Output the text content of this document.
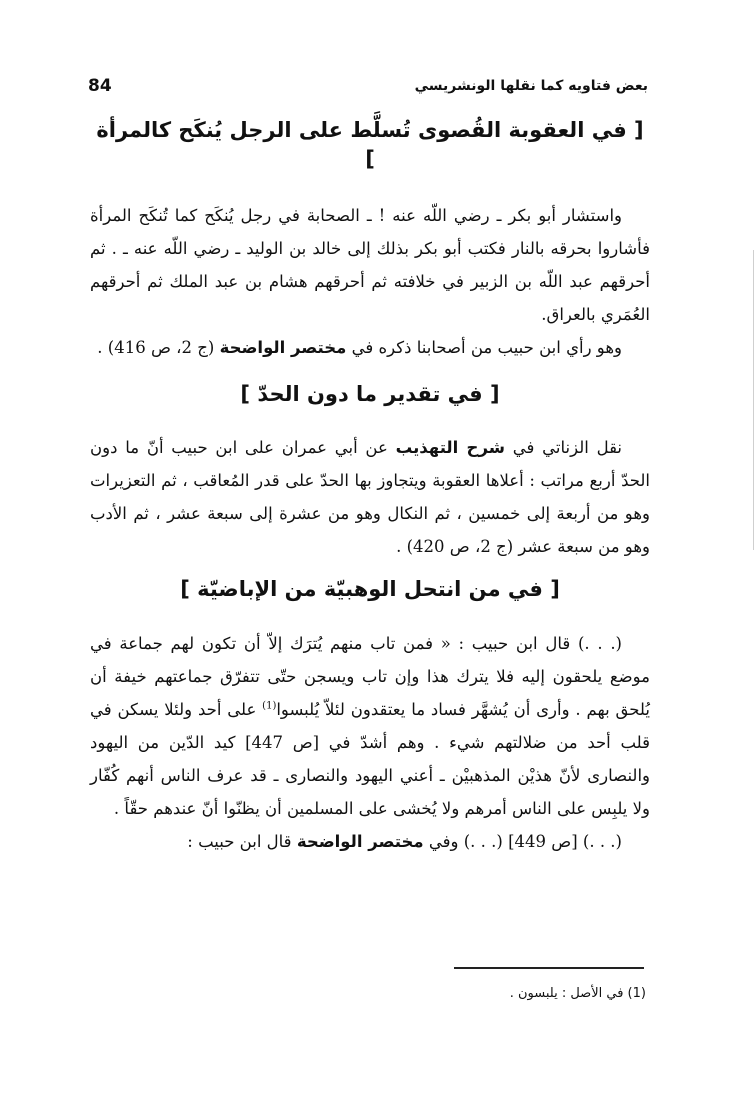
بعض فتاويه كما نقلها الونشريسي
84
[ في العقوبة القُصوى تُسلَّط على الرجل يُنكَح كالمرأة ]

واستشار أبو بكر ـ رضي اللّه عنه ! ـ الصحابة في رجل يُنكَح كما تُنكَح المرأة فأشاروا بحرقه بالنار فكتب أبو بكر بذلك إلى خالد بن الوليد ـ رضي اللّه عنه ـ . ثم أحرقهم عبد اللّه بن الزبير في خلافته ثم أحرقهم هشام بن عبد الملك ثم أحرقهم العُمَري بالعراق.

وهو رأي ابن حبيب من أصحابنا ذكره في مختصر الواضحة (ج 2، ص 416) .

[ في تقدير ما دون الحدّ ]

نقل الزناتي في شرح التهذيب عن أبي عمران على ابن حبيب أنّ ما دون الحدّ أربع مراتب : أعلاها العقوبة ويتجاوز بها الحدّ على قدر المُعاقب ، ثم التعزيرات وهو من أربعة إلى خمسين ، ثم النكال وهو من عشرة إلى سبعة عشر ، ثم الأدب وهو من سبعة عشر (ج 2، ص 420) .

[ في من انتحل الوهبيّة من الإباضيّة ]

(. . .) قال ابن حبيب : « فمن تاب منهم يُترَك إلاّ أن تكون لهم جماعة في موضع يلحقون إليه فلا يترك هذا وإن تاب ويسجن حتّى تتفرّق جماعتهم خيفة أن يُلحق بهم . وأرى أن يُشهَّر فساد ما يعتقدون لئلاّ يُلبسوا$^{(1)}$ على أحد ولئلا يسكن في قلب أحد من ضلالتهم شيء . وهم أشدّ في [ص 447] كيد الدّين من اليهود والنصارى لأنّ هذيْن المذهبيْن ـ أعني اليهود والنصارى ـ قد عرف الناس أنهم كُفّار ولا يلبِس على الناس أمرهم ولا يُخشى على المسلمين أن يظنّوا أنّ عندهم حقّاً .

(. . .) [ص 449] (. . .) وفي مختصر الواضحة قال ابن حبيب :

(1) في الأصل : يلبسون .
